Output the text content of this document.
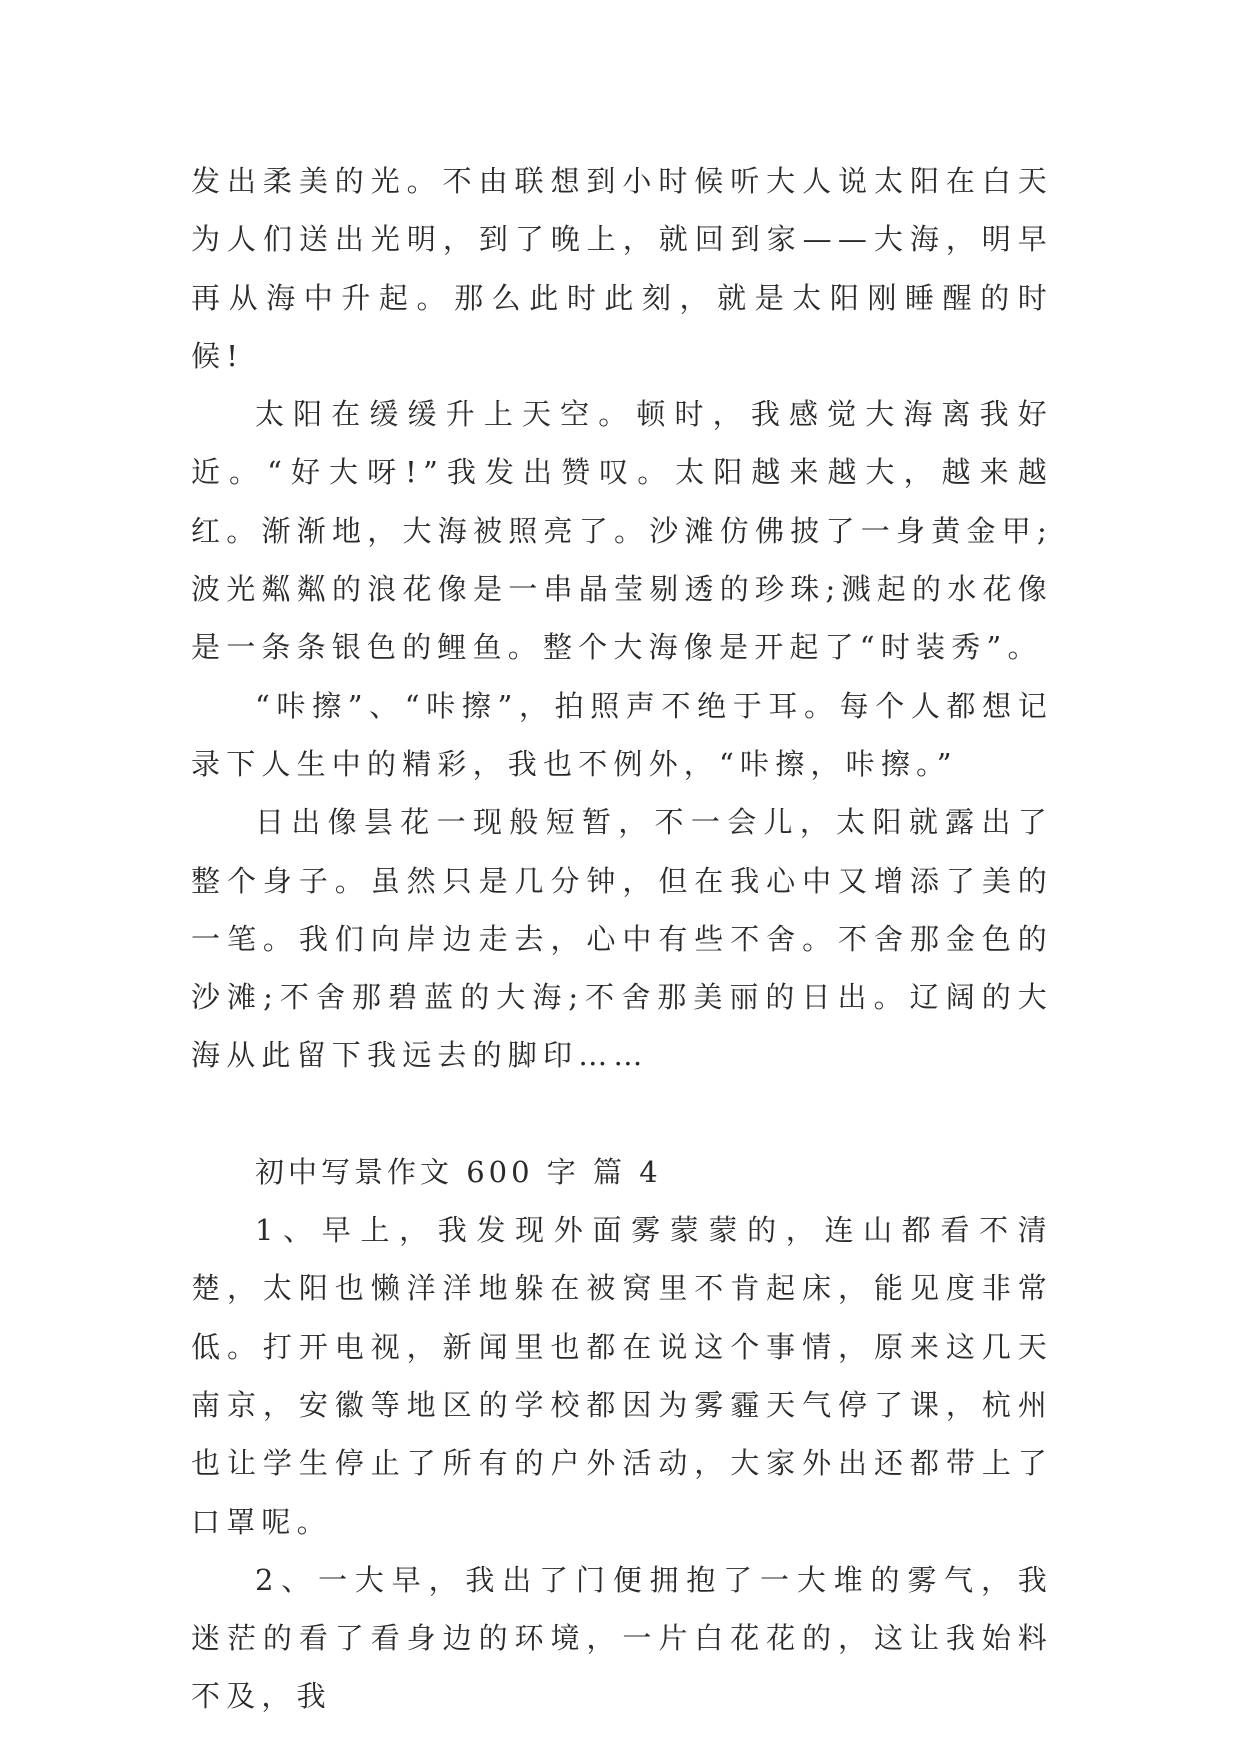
发出柔美的光。不由联想到小时候听大人说太阳在白天为人们送出光明，到了晚上，就回到家——大海，明早再从海中升起。那么此时此刻，就是太阳刚睡醒的时候!

太阳在缓缓升上天空。顿时，我感觉大海离我好近。“好大呀!”我发出赞叹。太阳越来越大，越来越红。渐渐地，大海被照亮了。沙滩仿佛披了一身黄金甲;波光粼粼的浪花像是一串晶莹剔透的珍珠;溅起的水花像是一条条银色的鲤鱼。整个大海像是开起了“时装秀”。

“咔擦”、“咔擦”，拍照声不绝于耳。每个人都想记录下人生中的精彩，我也不例外，“咔擦，咔擦。”

日出像昙花一现般短暂，不一会儿，太阳就露出了整个身子。虽然只是几分钟，但在我心中又增添了美的一笔。我们向岸边走去，心中有些不舍。不舍那金色的沙滩;不舍那碧蓝的大海;不舍那美丽的日出。辽阔的大海从此留下我远去的脚印……

初中写景作文 600 字 篇 4

1、早上，我发现外面雾蒙蒙的，连山都看不清楚，太阳也懒洋洋地躲在被窝里不肯起床，能见度非常低。打开电视，新闻里也都在说这个事情，原来这几天南京，安徽等地区的学校都因为雾霾天气停了课，杭州也让学生停止了所有的户外活动，大家外出还都带上了口罩呢。

2、一大早，我出了门便拥抱了一大堆的雾气，我迷茫的看了看身边的环境，一片白花花的，这让我始料不及，我
